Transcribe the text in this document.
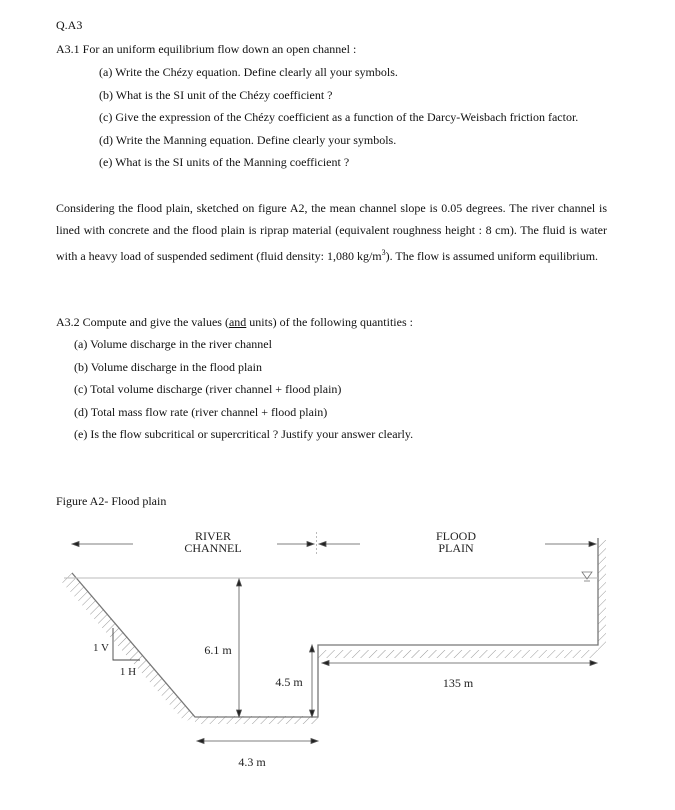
Q.A3
A3.1 For an uniform equilibrium flow down an open channel :
(a) Write the Chézy equation. Define clearly all your symbols.
(b) What is the SI unit of the Chézy coefficient ?
(c) Give the expression of the Chézy coefficient as a function of the Darcy-Weisbach friction factor.
(d) Write the Manning equation. Define clearly your symbols.
(e) What is the SI units of the Manning coefficient ?
Considering the flood plain, sketched on figure A2, the mean channel slope is 0.05 degrees. The river channel is lined with concrete and the flood plain is riprap material (equivalent roughness height : 8 cm). The fluid is water with a heavy load of suspended sediment (fluid density: 1,080 $kg/m^3$). The flow is assumed uniform equilibrium.
A3.2 Compute and give the values (and units) of the following quantities :
(a) Volume discharge in the river channel
(b) Volume discharge in the flood plain
(c) Total volume discharge (river channel + flood plain)
(d) Total mass flow rate (river channel + flood plain)
(e) Is the flow subcritical or supercritical ? Justify your answer clearly.
Figure A2- Flood plain
RIVER
CHANNEL
FLOOD
PLAIN
6.1 m
4.5 m	135 m
4.3 m
1 V
1 H
